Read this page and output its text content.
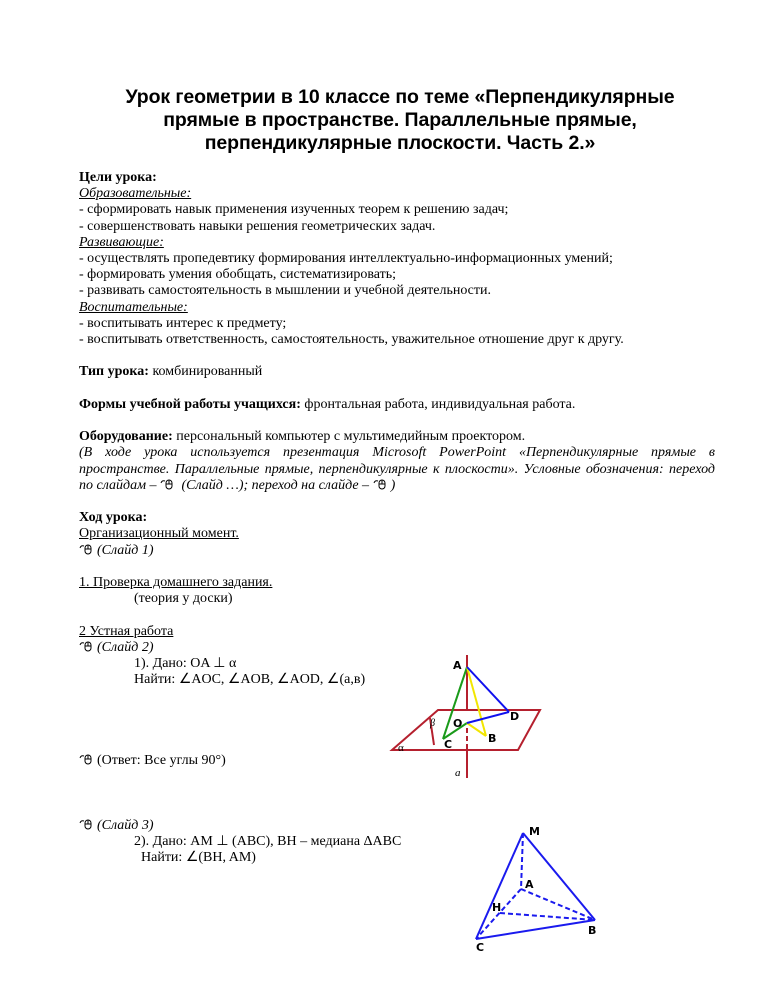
Урок геометрии в 10 классе по теме «Перпендикулярные
прямые в пространстве. Параллельные прямые,
перпендикулярные плоскости. Часть 2.»
Цели урока:
Образовательные:
- сформировать навык применения изученных теорем к решению задач;
- совершенствовать навыки решения геометрических задач.
Развивающие:
- осуществлять пропедевтику формирования интеллектуально-информационных умений;
- формировать умения обобщать, систематизировать;
- развивать самостоятельность в мышлении и учебной деятельности.
Воспитательные:
- воспитывать интерес к предмету;
- воспитывать ответственность, самостоятельность, уважительное отношение друг к другу.
Тип урока: комбинированный
Формы учебной работы учащихся: фронтальная работа, индивидуальная работа.
Оборудование: персональный компьютер с мультимедийным проектором.
(В ходе урока используется презентация Microsoft PowerPoint «Перпендикулярные прямые в пространстве. Параллельные прямые, перпендикулярные к плоскости». Условные обозначения: переход по слайдам –  (Слайд …); переход на слайде – )
Ход урока:
Организационный момент.
(Слайд 1)
1. Проверка домашнего задания.
(теория у доски)
2 Устная работа
(Слайд 2)
1). Дано: OA ⊥ α
Найти: ∠AOC, ∠AOB, ∠AOD, ∠(a,в)
(Ответ: Все углы 90°)
(Слайд 3)
2). Дано: AM ⊥ (ABC), BH – медиана ΔABC
Найти: ∠(BH, AM)
A
O
D
B
C
α
β
a
M
A
H
B
C
